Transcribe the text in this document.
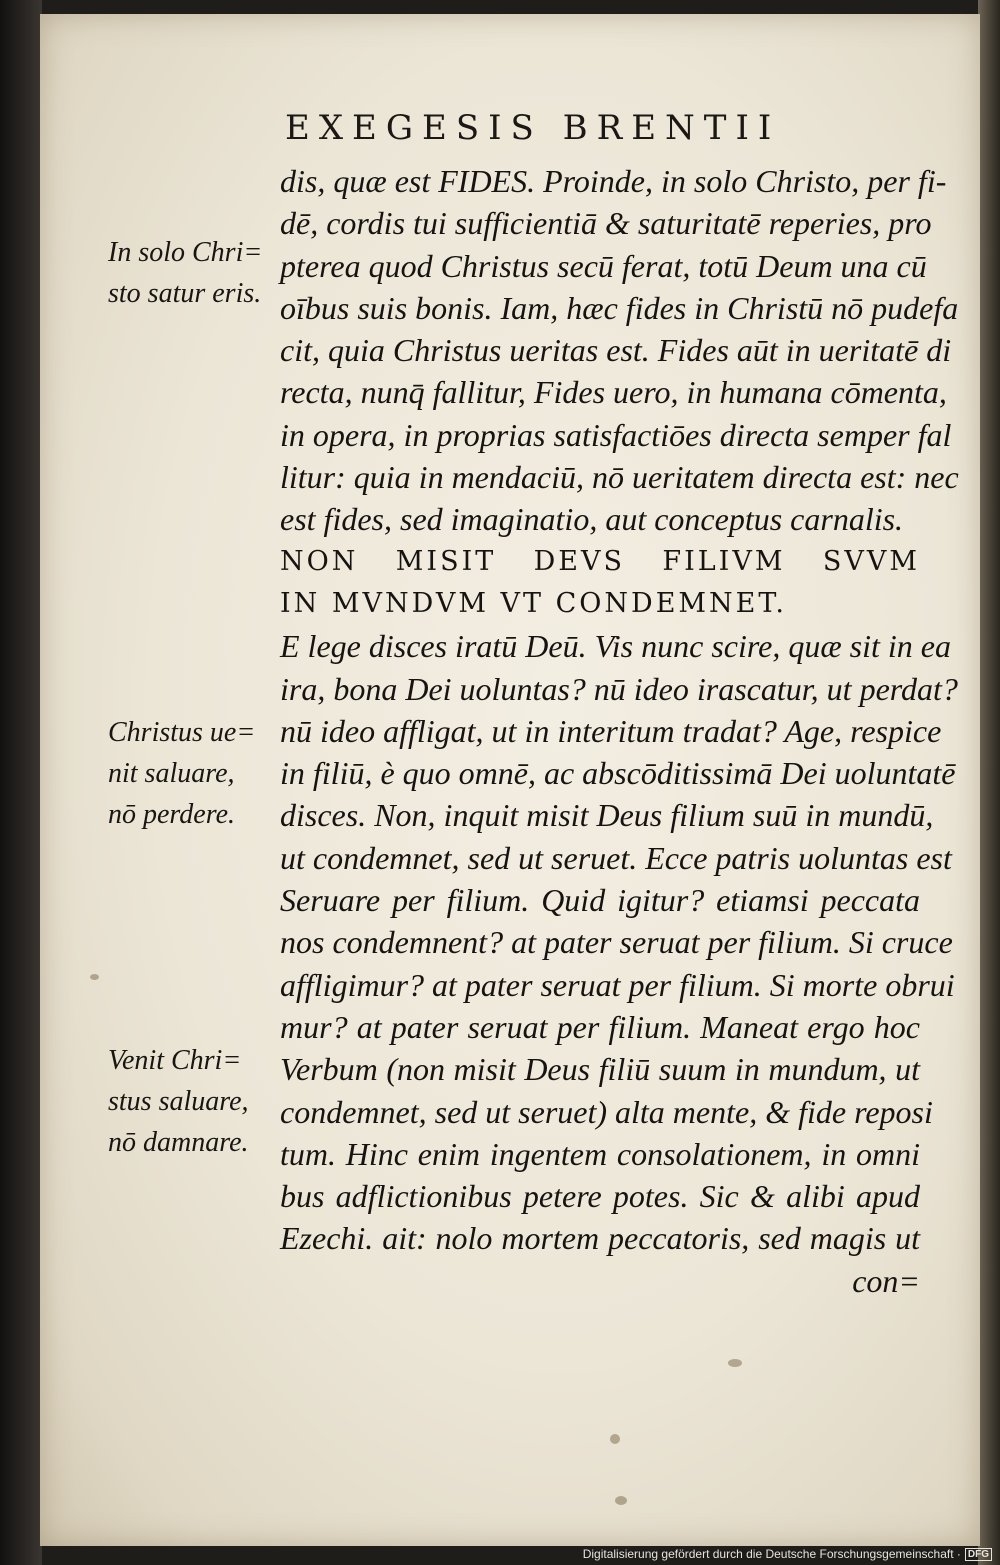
EXEGESIS BRENTII
dis, quæ est FIDES. Proinde, in solo Christo, per fi-
dē, cordis tui sufficientiā & saturitatē reperies, pro
pterea quod Christus secū ferat, totū Deum una cū
oībus suis bonis. Iam, hæc fides in Christū nō pudefa
cit, quia Christus ueritas est. Fides aūt in ueritatē di
recta, nunq̄ fallitur, Fides uero, in humana cōmenta,
in opera, in proprias satisfactiōes directa semper fal
litur: quia in mendaciū, nō ueritatem directa est: nec
est fides, sed imaginatio, aut conceptus carnalis.
NON MISIT DEVS FILIVM SVVM
IN MVNDVM VT CONDEMNET.
E lege disces iratū Deū. Vis nunc scire, quæ sit in ea
ira, bona Dei uoluntas? nū ideo irascatur, ut perdat?
nū ideo affligat, ut in interitum tradat? Age, respice
in filiū, è quo omnē, ac abscōditissimā Dei uoluntatē
disces. Non, inquit misit Deus filium suū in mundū,
ut condemnet, sed ut seruet. Ecce patris uoluntas est
Seruare per filium. Quid igitur? etiamsi peccata
nos condemnent? at pater seruat per filium. Si cruce
affligimur? at pater seruat per filium. Si morte obrui
mur? at pater seruat per filium. Maneat ergo hoc
Verbum (non misit Deus filiū suum in mundum, ut
condemnet, sed ut seruet) alta mente, & fide reposi
tum. Hinc enim ingentem consolationem, in omni
bus adflictionibus petere potes. Sic & alibi apud
Ezechi. ait: nolo mortem peccatoris, sed magis ut
con=
In solo Chri=
sto satur eris.
Christus ue=
nit saluare,
nō perdere.
Venit Chri=
stus saluare,
nō damnare.
Digitalisierung gefördert durch die Deutsche Forschungsgemeinschaft · DFG
